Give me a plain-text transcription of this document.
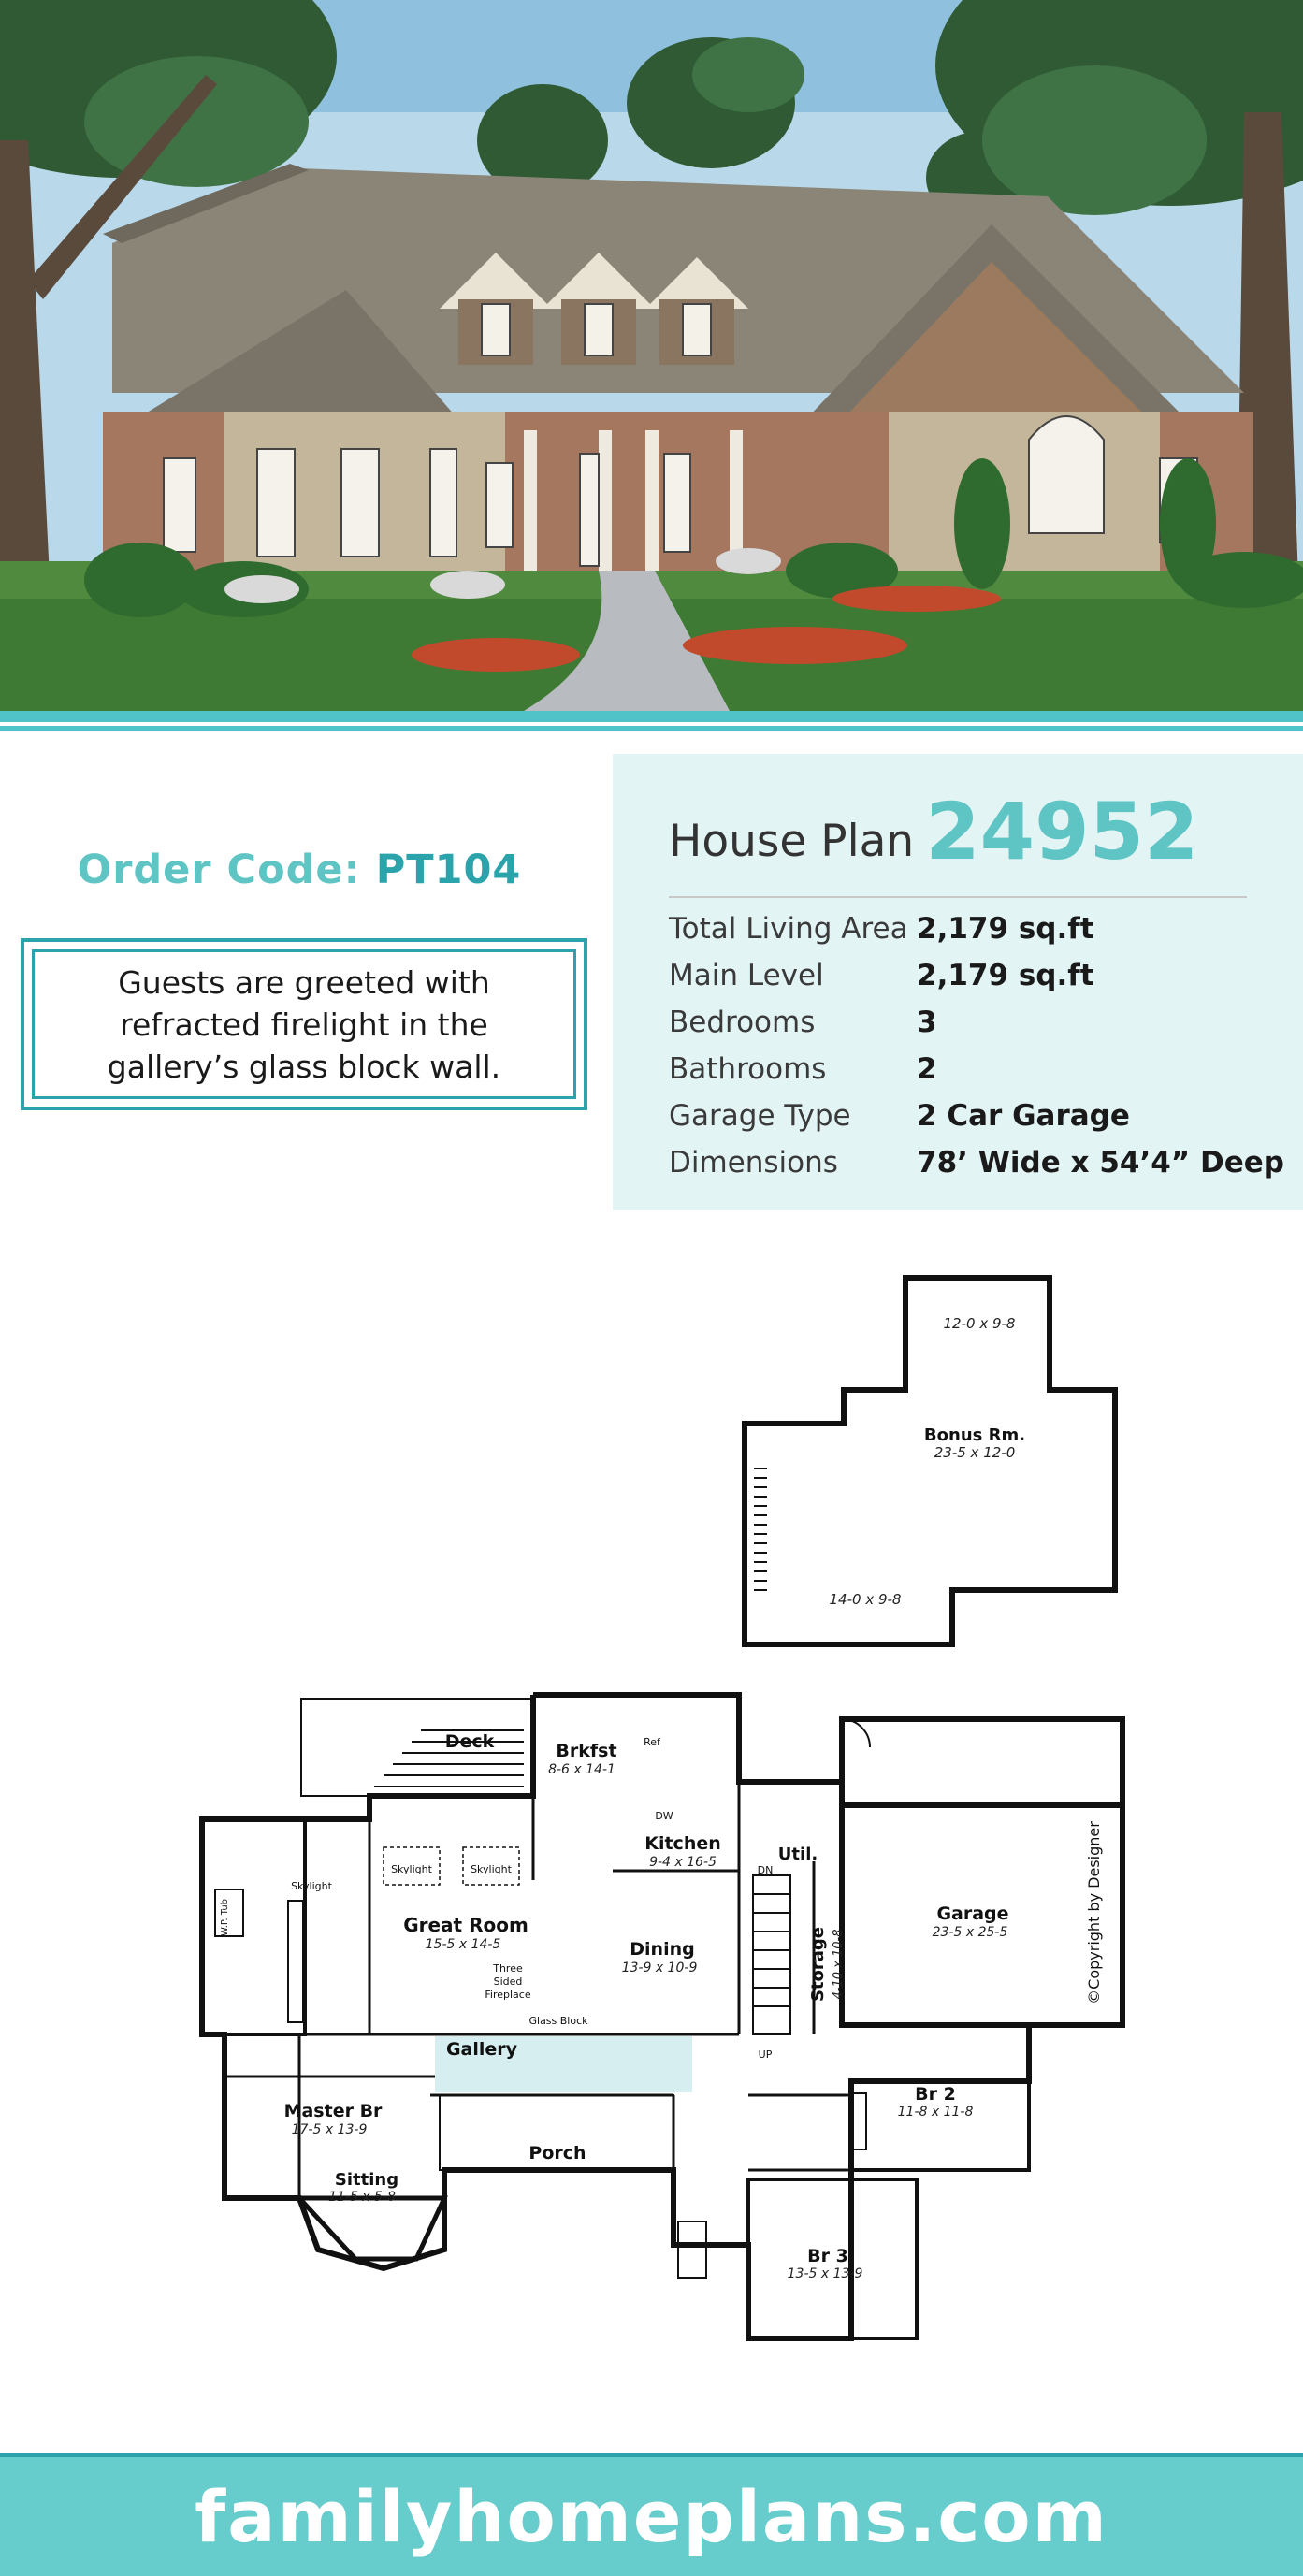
Order Code: PT104
Guests are greeted with refracted firelight in the gallery’s glass block wall.
House Plan 24952
Total Living Area 2,179 sq.ft
Main Level	2,179 sq.ft
Bedrooms	3
Bathrooms	2
Garage Type 2 Car Garage
Dimensions	78’ Wide x 54’4” Deep
12-0 x 9-8
Bonus Rm.
23-5 x 12-0
14-0 x 9-8
Deck	Brkfst
8-6 x 14-1
Ref
DW
Kitchen
9-4 x 16-5	Util.
DN
UP
Skylight	Skylight
Skylight
Great Room
15-5 x 14-5
Three
Sided
Fireplace
Dining
13-9 x 10-9
Glass Block
Storage 4-10 x 10-8
Garage
23-5 x 25-5	©Copyright by Designer
W.P. Tub
Gallery
Master Br
17-5 x 13-9
Sitting
11-5 x 5-8
Porch
Br 2
11-8 x 11-8
Br 3
13-5 x 13-9
familyhomeplans.com
